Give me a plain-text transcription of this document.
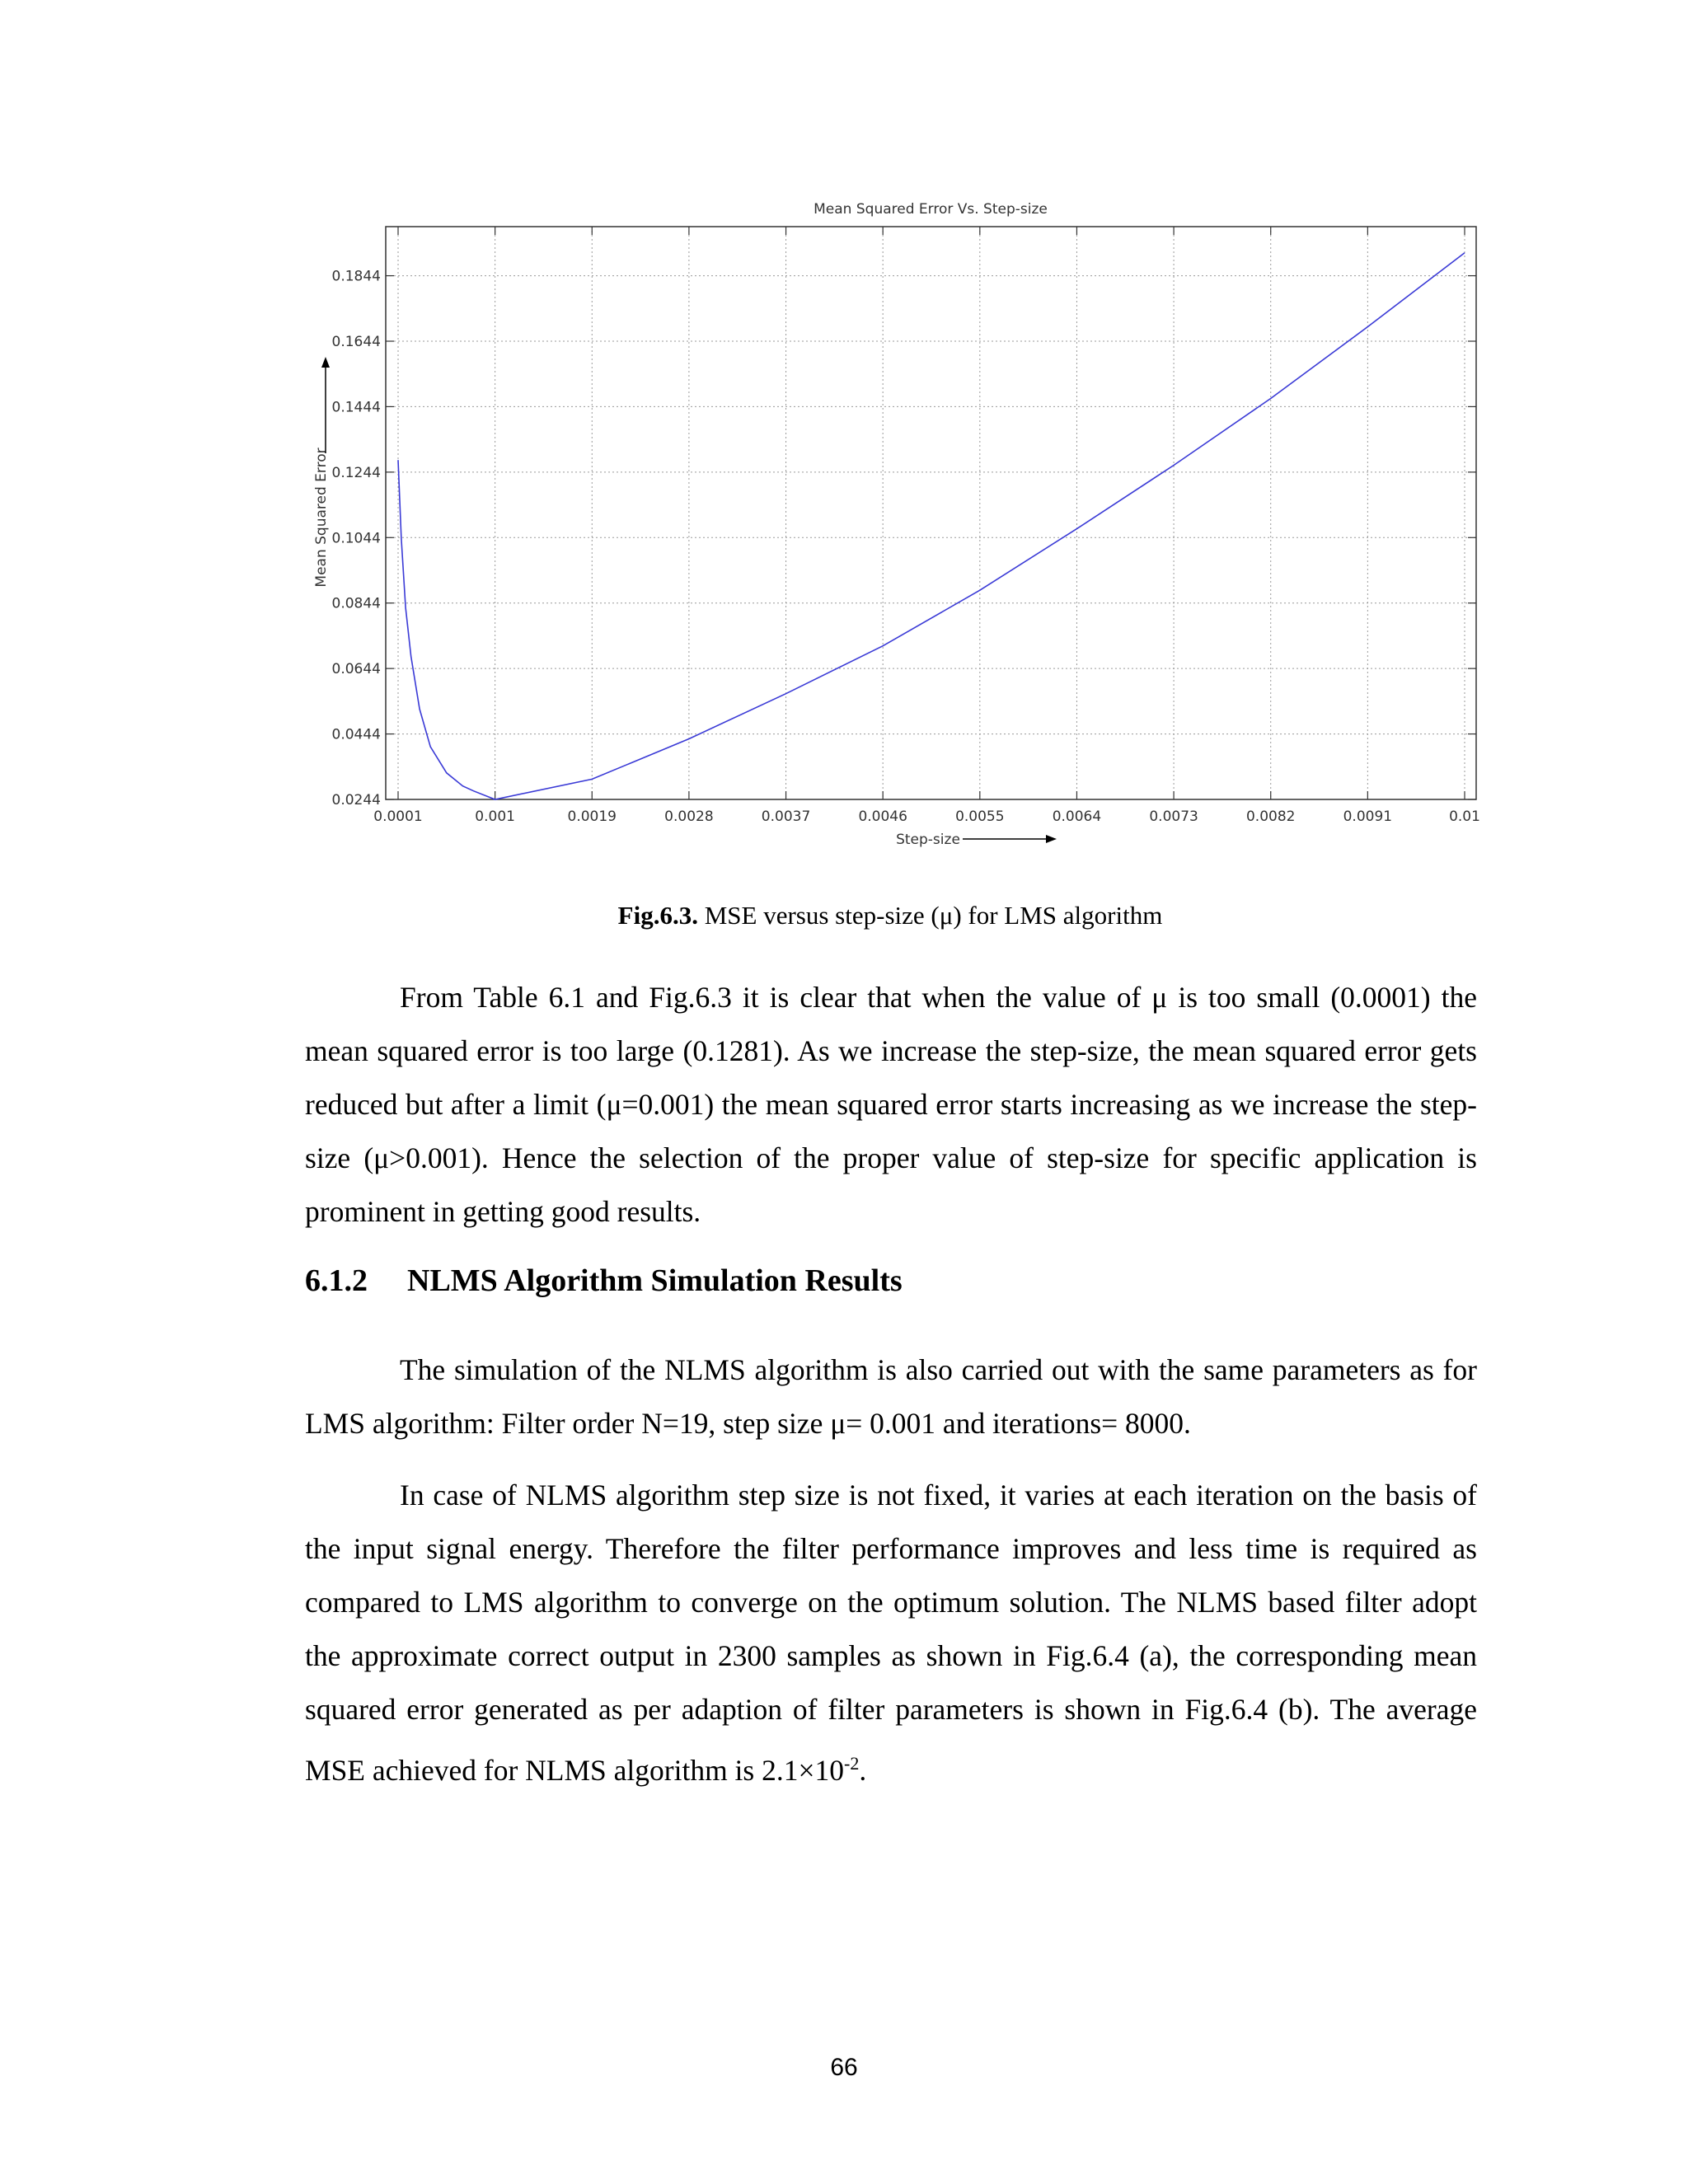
Mean Squared Error Vs. Step-size
0.0001	0.001	0.0019	0.0028	0.0037	0.0046	0.0055	0.0064	0.0073	0.0082	0.0091	0.01
0.0244
0.0444
0.0644
0.0844
0.1044
0.1244
0.1444
0.1644
0.1844
Mean Squared Error
Step-size
Fig.6.3. MSE versus step-size (μ) for LMS algorithm

From Table 6.1 and Fig.6.3 it is clear that when the value of μ is too small (0.0001) the mean squared error is too large (0.1281). As we increase the step-size, the mean squared error gets reduced but after a limit (μ=0.001) the mean squared error starts increasing as we increase the step-size (μ>0.001). Hence the selection of the proper value of step-size for specific application is prominent in getting good results.

6.1.2 NLMS Algorithm Simulation Results

The simulation of the NLMS algorithm is also carried out with the same parameters as for LMS algorithm: Filter order N=19, step size μ= 0.001 and iterations= 8000.

In case of NLMS algorithm step size is not fixed, it varies at each iteration on the basis of the input signal energy. Therefore the filter performance improves and less time is required as compared to LMS algorithm to converge on the optimum solution. The NLMS based filter adopt the approximate correct output in 2300 samples as shown in Fig.6.4 (a), the corresponding mean squared error generated as per adaption of filter parameters is shown in Fig.6.4 (b). The average MSE achieved for NLMS algorithm is $2.1\times 10^{-2}$.

66
